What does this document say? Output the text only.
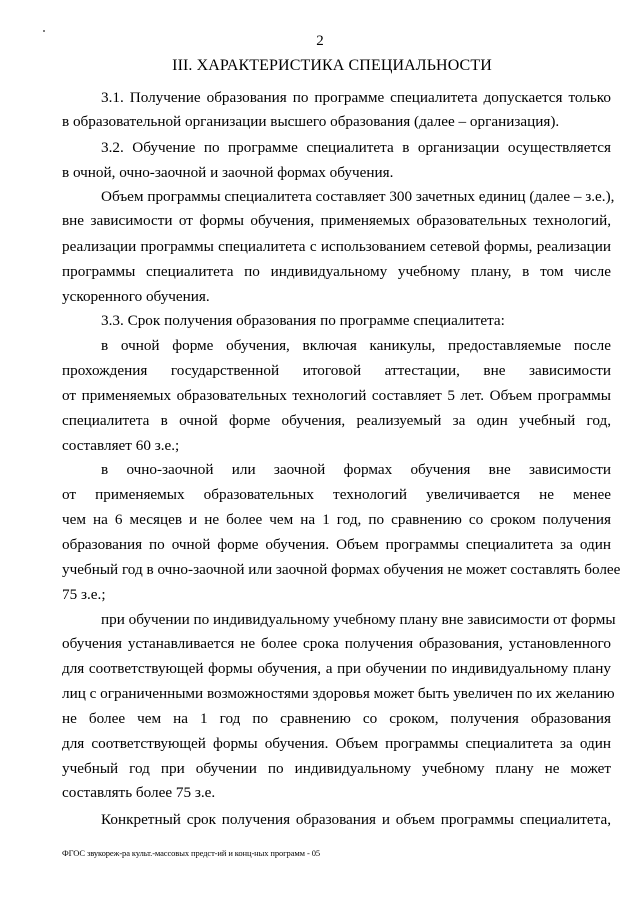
2
III. ХАРАКТЕРИСТИКА СПЕЦИАЛЬНОСТИ
3.1. Получение образования по программе специалитета допускается только
в образовательной организации высшего образования (далее – организация).
3.2. Обучение по программе специалитета в организации осуществляется
в очной, очно-заочной и заочной формах обучения.
Объем программы специалитета составляет 300 зачетных единиц (далее – з.е.),
вне зависимости от формы обучения, применяемых образовательных технологий,
реализации программы специалитета с использованием сетевой формы, реализации
программы специалитета по индивидуальному учебному плану, в том числе
ускоренного обучения.
3.3. Срок получения образования по программе специалитета:
в очной форме обучения, включая каникулы, предоставляемые после
прохождения государственной итоговой аттестации, вне зависимости
от применяемых образовательных технологий составляет 5 лет. Объем программы
специалитета в очной форме обучения, реализуемый за один учебный год,
составляет 60 з.е.;
в очно-заочной или заочной формах обучения вне зависимости
от применяемых образовательных технологий увеличивается не менее
чем на 6 месяцев и не более чем на 1 год, по сравнению со сроком получения
образования по очной форме обучения. Объем программы специалитета за один
учебный год в очно-заочной или заочной формах обучения не может составлять более
75 з.е.;
при обучении по индивидуальному учебному плану вне зависимости от формы
обучения устанавливается не более срока получения образования, установленного
для соответствующей формы обучения, а при обучении по индивидуальному плану
лиц с ограниченными возможностями здоровья может быть увеличен по их желанию
не более чем на 1 год по сравнению со сроком, получения образования
для соответствующей формы обучения. Объем программы специалитета за один
учебный год при обучении по индивидуальному учебному плану не может
составлять более 75 з.е.
Конкретный срок получения образования и объем программы специалитета,
ФГОС звукореж-ра культ.-массовых предст-ий и конц-ных программ - 05
